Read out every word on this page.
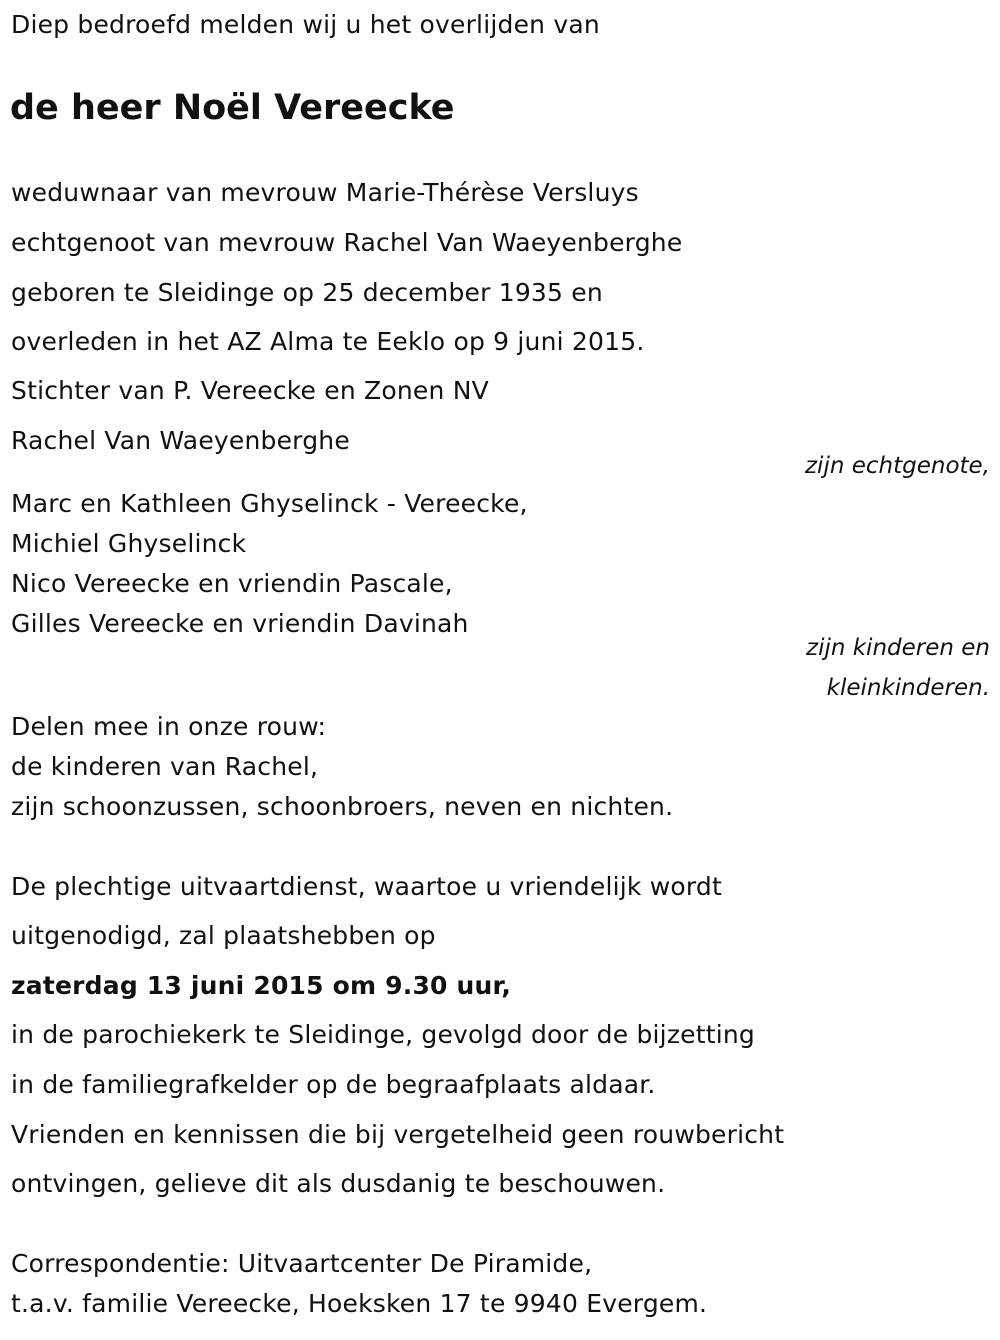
Diep bedroefd melden wij u het overlijden van
de heer Noël Vereecke
weduwnaar van mevrouw Marie-Thérèse Versluys
echtgenoot van mevrouw Rachel Van Waeyenberghe
geboren te Sleidinge op 25 december 1935 en
overleden in het AZ Alma te Eeklo op 9 juni 2015.
Stichter van P. Vereecke en Zonen NV
Rachel Van Waeyenberghe
zijn echtgenote,
Marc en Kathleen Ghyselinck - Vereecke,
Michiel Ghyselinck
Nico Vereecke en vriendin Pascale,
Gilles Vereecke en vriendin Davinah
zijn kinderen en
kleinkinderen.
Delen mee in onze rouw:
de kinderen van Rachel,
zijn schoonzussen, schoonbroers, neven en nichten.
De plechtige uitvaartdienst, waartoe u vriendelijk wordt
uitgenodigd, zal plaatshebben op
zaterdag 13 juni 2015 om 9.30 uur,
in de parochiekerk te Sleidinge, gevolgd door de bijzetting
in de familiegrafkelder op de begraafplaats aldaar.
Vrienden en kennissen die bij vergetelheid geen rouwbericht
ontvingen, gelieve dit als dusdanig te beschouwen.
Correspondentie: Uitvaartcenter De Piramide,
t.a.v. familie Vereecke, Hoeksken 17 te 9940 Evergem.
